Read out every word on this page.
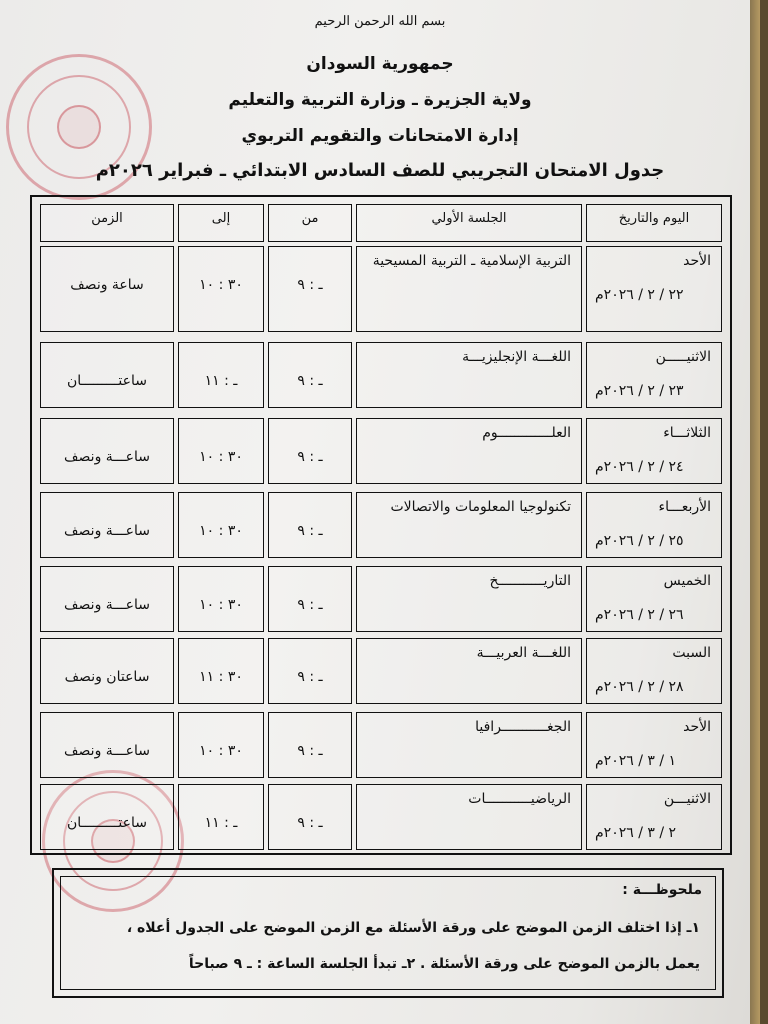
بسم الله الرحمن الرحيم
جمهورية السودان
ولاية الجزيرة ـ وزارة التربية والتعليم
إدارة الامتحانات والتقويم التربوي
جدول الامتحان التجريبي للصف السادس الابتدائي ـ فبراير ٢٠٢٦م
اليوم والتاريخ
الجلسة الأولي
من
إلى
الزمن
الأحد
٢٢ / ٢ / ٢٠٢٦م
التربية الإسلامية ـ التربية المسيحية
ـ : ٩
٣٠ : ١٠
ساعة ونصف
الاثنيـــــن
٢٣ / ٢ / ٢٠٢٦م
اللغـــة الإنجليزيـــة
ـ : ٩
ـ : ١١
ساعتـــــــــان
الثلاثـــاء
٢٤ / ٢ / ٢٠٢٦م
العلـــــــــــــوم
ـ : ٩
٣٠ : ١٠
ساعـــة ونصف
الأربعـــاء
٢٥ / ٢ / ٢٠٢٦م
تكنولوجيا المعلومات والاتصالات
ـ : ٩
٣٠ : ١٠
ساعـــة ونصف
الخميس
٢٦ / ٢ / ٢٠٢٦م
التاريـــــــــــخ
ـ : ٩
٣٠ : ١٠
ساعـــة ونصف
السبت
٢٨ / ٢ / ٢٠٢٦م
اللغـــة العربيـــة
ـ : ٩
٣٠ : ١١
ساعتان ونصف
الأحد
١ / ٣ / ٢٠٢٦م
الجغـــــــــــرافيا
ـ : ٩
٣٠ : ١٠
ساعـــة ونصف
الاثنيـــن
٢ / ٣ / ٢٠٢٦م
الرياضيـــــــــــات
ـ : ٩
ـ : ١١
ساعتـــــــــان
ملحوظـــة :
١ـ إذا اختلف الزمن الموضح على ورقة الأسئلة مع الزمن الموضح على الجدول أعلاه ،
يعمل بالزمن الموضح على ورقة الأسئلة . ٢ـ تبدأ الجلسة الساعة : ـ ٩ صباحاً
